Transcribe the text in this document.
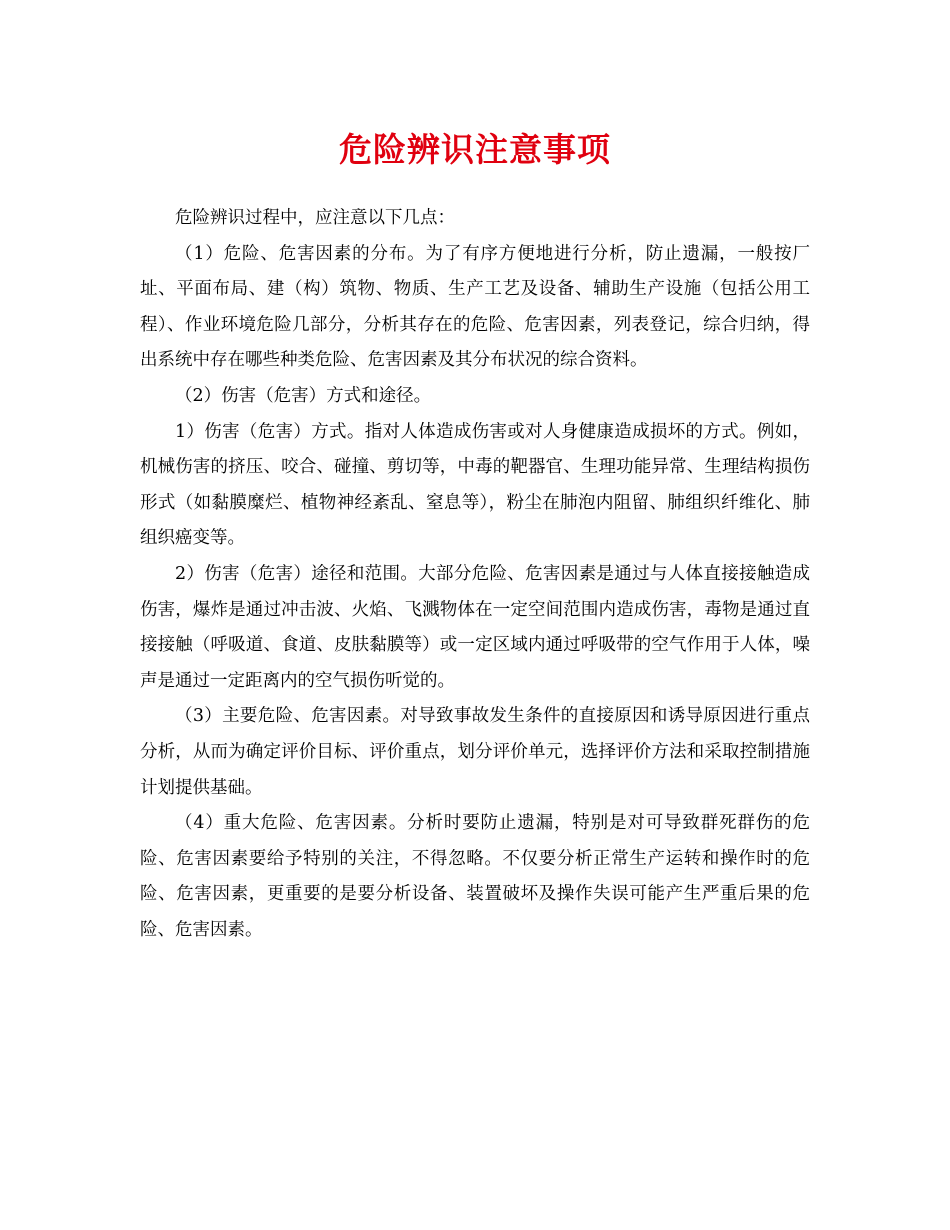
危险辨识注意事项

危险辨识过程中，应注意以下几点：

（1）危险、危害因素的分布。为了有序方便地进行分析，防止遗漏，一般按厂址、平面布局、建（构）筑物、物质、生产工艺及设备、辅助生产设施（包括公用工程）、作业环境危险几部分，分析其存在的危险、危害因素，列表登记，综合归纳，得出系统中存在哪些种类危险、危害因素及其分布状况的综合资料。

（2）伤害（危害）方式和途径。

1）伤害（危害）方式。指对人体造成伤害或对人身健康造成损坏的方式。例如，机械伤害的挤压、咬合、碰撞、剪切等，中毒的靶器官、生理功能异常、生理结构损伤形式（如黏膜糜烂、植物神经紊乱、窒息等），粉尘在肺泡内阻留、肺组织纤维化、肺组织癌变等。

2）伤害（危害）途径和范围。大部分危险、危害因素是通过与人体直接接触造成伤害，爆炸是通过冲击波、火焰、飞溅物体在一定空间范围内造成伤害，毒物是通过直接接触（呼吸道、食道、皮肤黏膜等）或一定区域内通过呼吸带的空气作用于人体，噪声是通过一定距离内的空气损伤听觉的。

（3）主要危险、危害因素。对导致事故发生条件的直接原因和诱导原因进行重点分析，从而为确定评价目标、评价重点，划分评价单元，选择评价方法和采取控制措施计划提供基础。

（4）重大危险、危害因素。分析时要防止遗漏，特别是对可导致群死群伤的危险、危害因素要给予特别的关注，不得忽略。不仅要分析正常生产运转和操作时的危险、危害因素，更重要的是要分析设备、装置破坏及操作失误可能产生严重后果的危险、危害因素。
